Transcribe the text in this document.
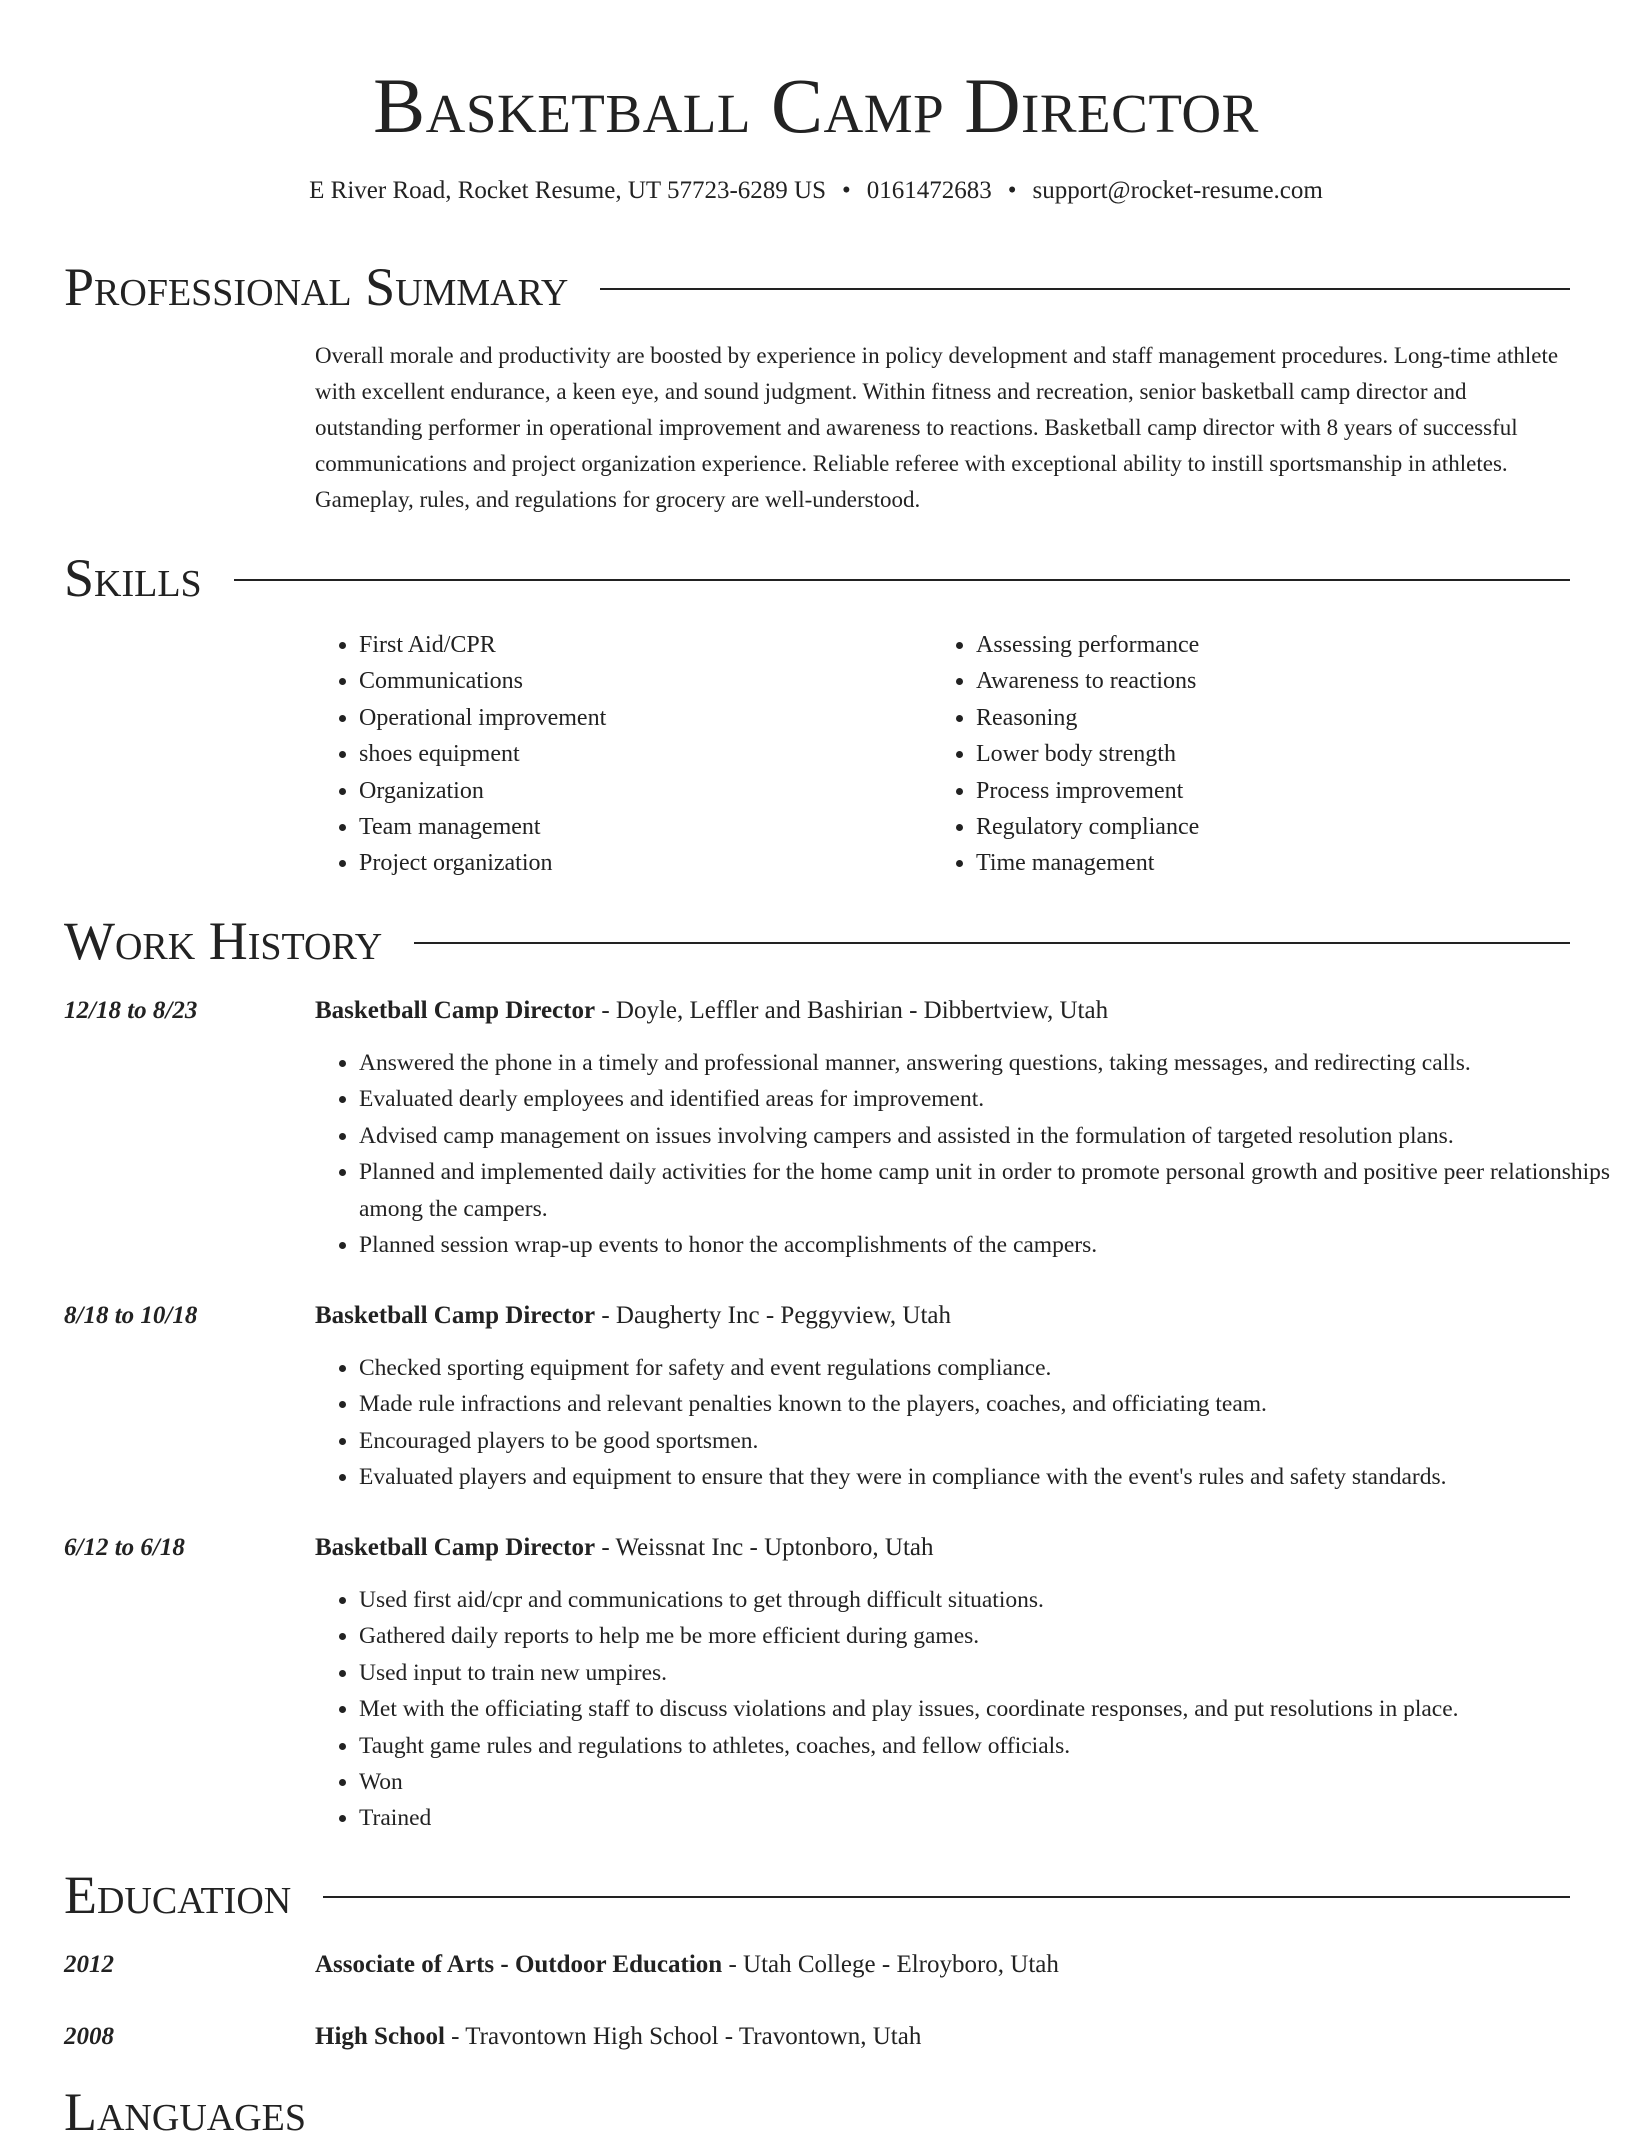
Basketball Camp Director
E River Road, Rocket Resume, UT 57723-6289 US • 0161472683 • support@rocket-resume.com
Professional Summary

Overall morale and productivity are boosted by experience in policy development and staff management procedures. Long-time athlete with excellent endurance, a keen eye, and sound judgment. Within fitness and recreation, senior basketball camp director and outstanding performer in operational improvement and awareness to reactions. Basketball camp director with 8 years of successful communications and project organization experience. Reliable referee with exceptional ability to instill sportsmanship in athletes. Gameplay, rules, and regulations for grocery are well-understood.

Skills
• First Aid/CPR
• Communications
• Operational improvement
• shoes equipment
• Organization
• Team management
• Project organization
• Assessing performance
• Awareness to reactions
• Reasoning
• Lower body strength
• Process improvement
• Regulatory compliance
• Time management
Work History
12/18 to 8/23	Basketball Camp Director - Doyle, Leffler and Bashirian - Dibbertview, Utah
• Answered the phone in a timely and professional manner, answering questions, taking messages, and redirecting calls.
• Evaluated dearly employees and identified areas for improvement.
• Advised camp management on issues involving campers and assisted in the formulation of targeted resolution plans.
• Planned and implemented daily activities for the home camp unit in order to promote personal growth and positive peer relationships among the campers.
• Planned session wrap-up events to honor the accomplishments of the campers.
8/18 to 10/18	Basketball Camp Director - Daugherty Inc - Peggyview, Utah
• Checked sporting equipment for safety and event regulations compliance.
• Made rule infractions and relevant penalties known to the players, coaches, and officiating team.
• Encouraged players to be good sportsmen.
• Evaluated players and equipment to ensure that they were in compliance with the event's rules and safety standards.
6/12 to 6/18	Basketball Camp Director - Weissnat Inc - Uptonboro, Utah
• Used first aid/cpr and communications to get through difficult situations.
• Gathered daily reports to help me be more efficient during games.
• Used input to train new umpires.
• Met with the officiating staff to discuss violations and play issues, coordinate responses, and put resolutions in place.
• Taught game rules and regulations to athletes, coaches, and fellow officials.
• Won
• Trained
Education
2012	Associate of Arts - Outdoor Education - Utah College - Elroyboro, Utah
2008	High School - Travontown High School - Travontown, Utah
Languages
